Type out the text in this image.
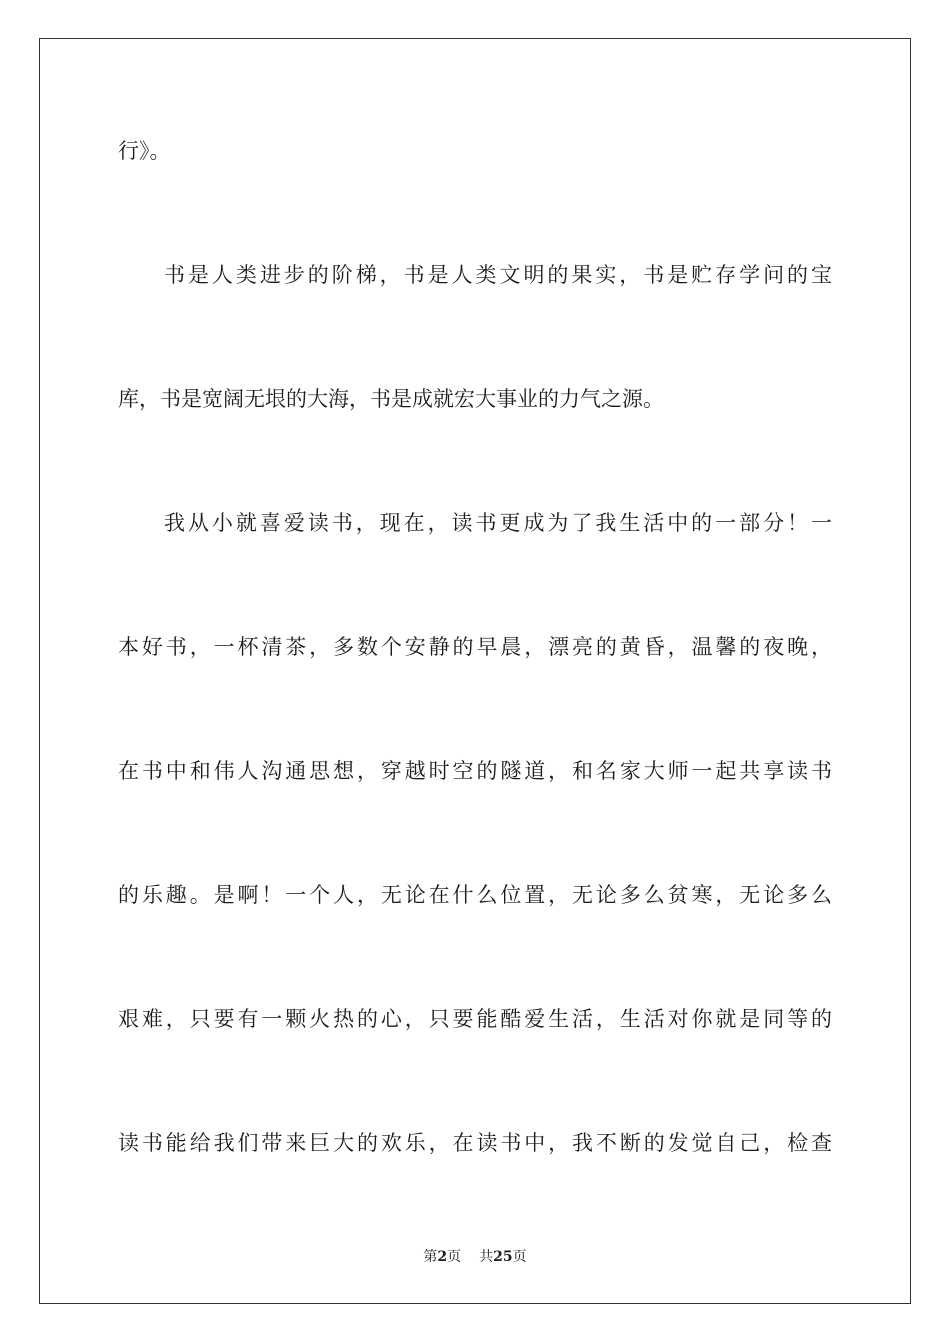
行》。
书是人类进步的阶梯，书是人类文明的果实，书是贮存学问的宝
库，书是宽阔无垠的大海，书是成就宏大事业的力气之源。
我从小就喜爱读书，现在，读书更成为了我生活中的一部分！一
本好书，一杯清茶，多数个安静的早晨，漂亮的黄昏，温馨的夜晚，
在书中和伟人沟通思想，穿越时空的隧道，和名家大师一起共享读书
的乐趣。是啊！一个人，无论在什么位置，无论多么贫寒，无论多么
艰难，只要有一颗火热的心，只要能酷爱生活，生活对你就是同等的
读书能给我们带来巨大的欢乐，在读书中，我不断的发觉自己，检查
第2页 共25页
